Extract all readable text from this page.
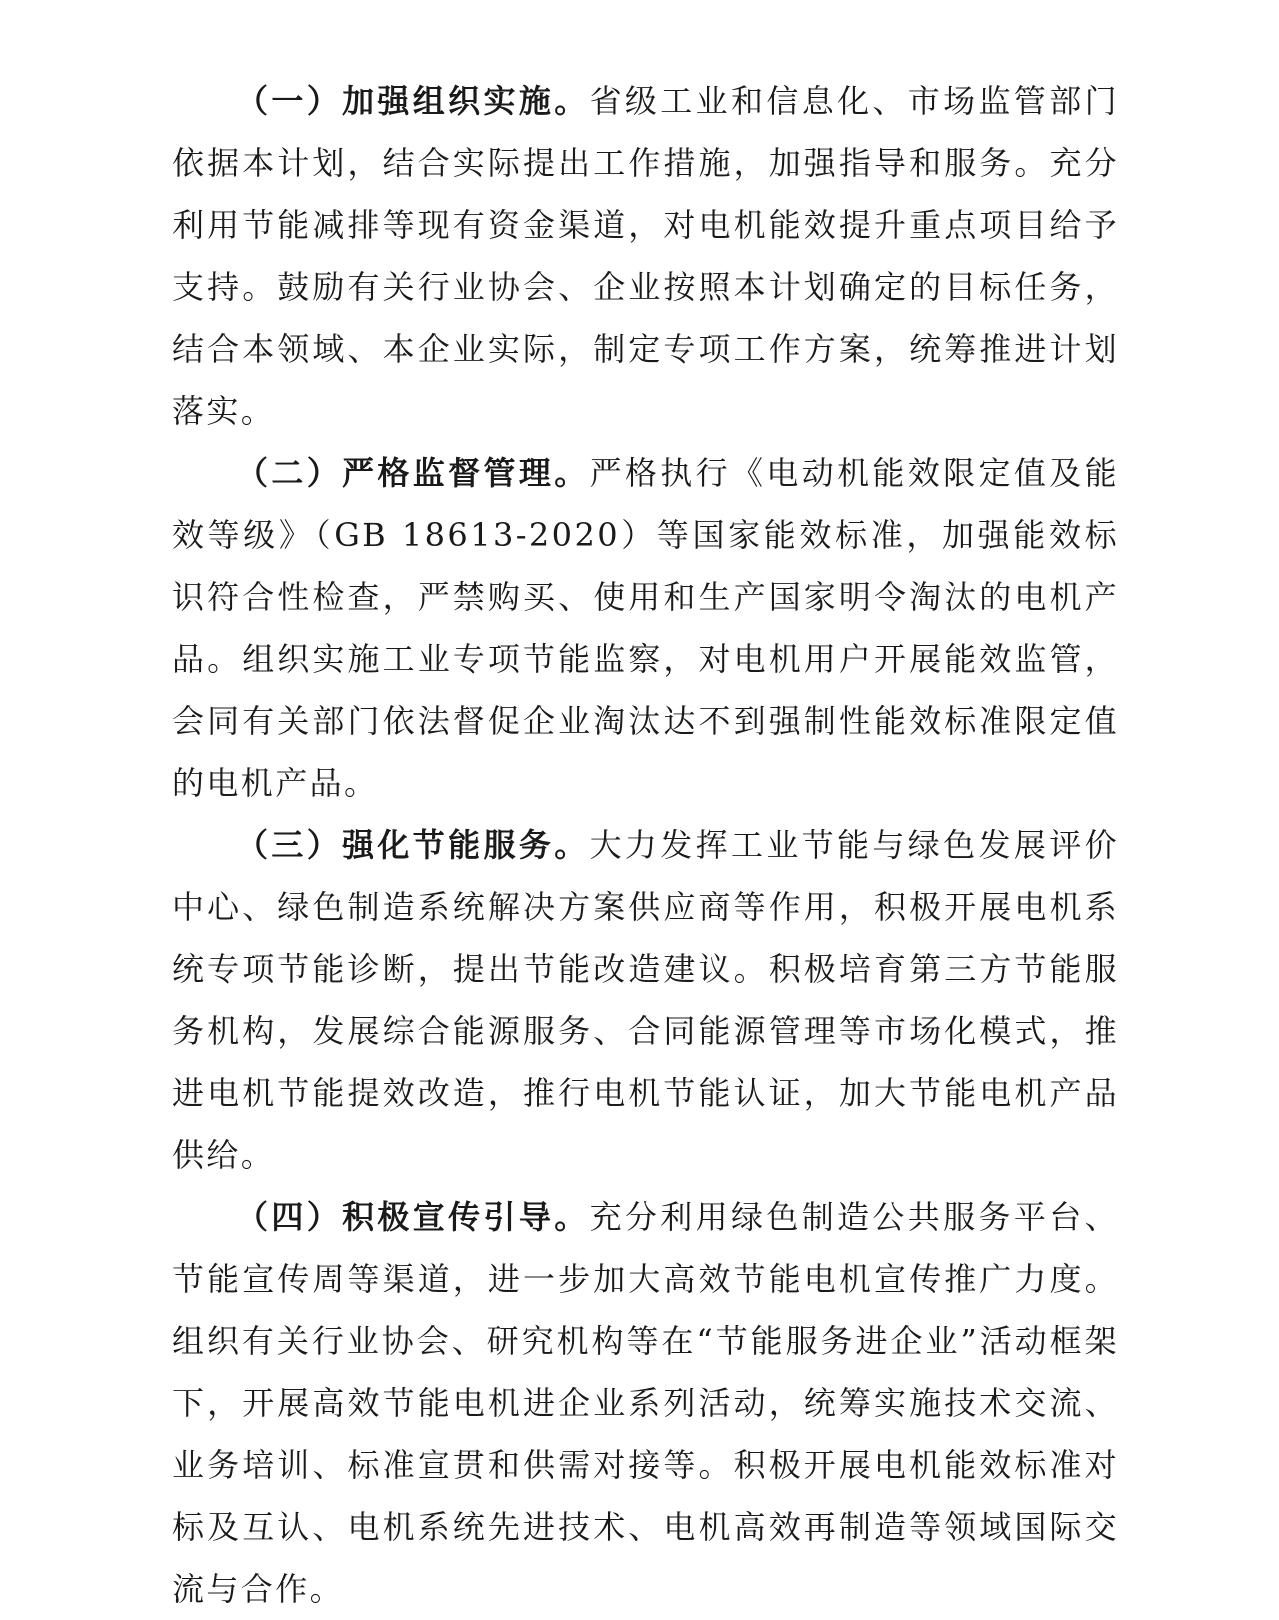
（一）加强组织实施。省级工业和信息化、市场监管部门依据本计划，结合实际提出工作措施，加强指导和服务。充分利用节能减排等现有资金渠道，对电机能效提升重点项目给予支持。鼓励有关行业协会、企业按照本计划确定的目标任务，结合本领域、本企业实际，制定专项工作方案，统筹推进计划落实。

（二）严格监督管理。严格执行《电动机能效限定值及能效等级》（GB 18613-2020）等国家能效标准，加强能效标识符合性检查，严禁购买、使用和生产国家明令淘汰的电机产品。组织实施工业专项节能监察，对电机用户开展能效监管，会同有关部门依法督促企业淘汰达不到强制性能效标准限定值的电机产品。

（三）强化节能服务。大力发挥工业节能与绿色发展评价中心、绿色制造系统解决方案供应商等作用，积极开展电机系统专项节能诊断，提出节能改造建议。积极培育第三方节能服务机构，发展综合能源服务、合同能源管理等市场化模式，推进电机节能提效改造，推行电机节能认证，加大节能电机产品供给。

（四）积极宣传引导。充分利用绿色制造公共服务平台、节能宣传周等渠道，进一步加大高效节能电机宣传推广力度。组织有关行业协会、研究机构等在“节能服务进企业”活动框架下，开展高效节能电机进企业系列活动，统筹实施技术交流、业务培训、标准宣贯和供需对接等。积极开展电机能效标准对标及互认、电机系统先进技术、电机高效再制造等领域国际交流与合作。
